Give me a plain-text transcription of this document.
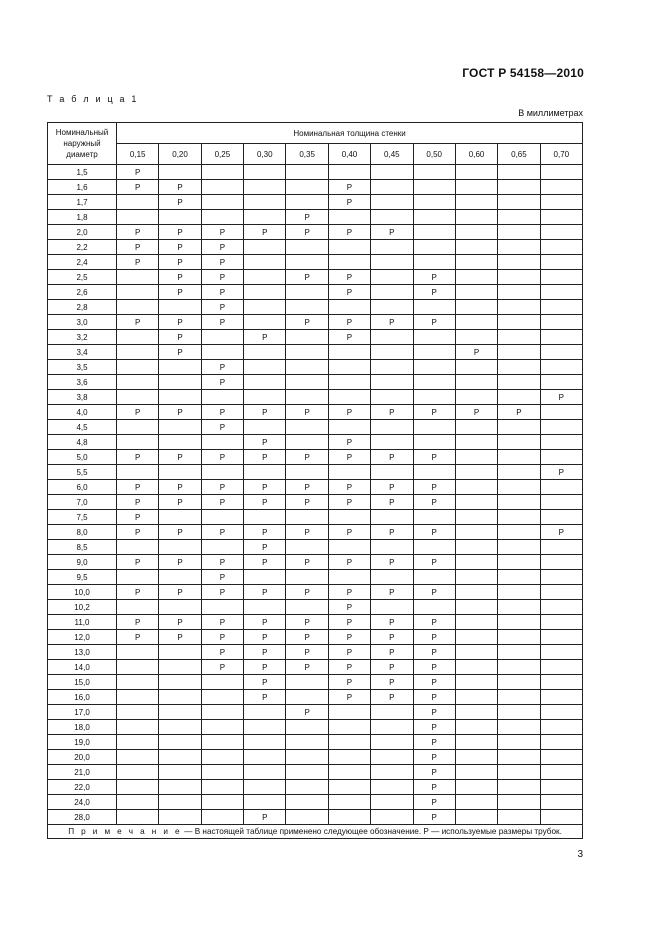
ГОСТ Р 54158—2010
Т а б л и ц а 1
В миллиметрах
Номинальный
наружный
диаметр	Номинальная толщина стенки										
	0,15	0,20	0,25	0,30	0,35	0,40	0,45	0,50	0,60	0,65	0,70
1,5	Р										
1,6	Р	Р				Р					
1,7		Р				Р					
1,8					Р						
2,0	Р	Р	Р	Р	Р	Р	Р				
2,2	Р	Р	Р								
2,4	Р	Р	Р								
2,5		Р	Р		Р	Р		Р			
2,6		Р	Р			Р		Р			
2,8			Р								
3,0	Р	Р	Р		Р	Р	Р	Р			
3,2		Р		Р		Р					
3,4		Р							Р		
3,5			Р								
3,6			Р								
3,8											Р
4,0	Р	Р	Р	Р	Р	Р	Р	Р	Р	Р	
4,5			Р								
4,8				Р		Р					
5,0	Р	Р	Р	Р	Р	Р	Р	Р			
5,5											Р
6,0	Р	Р	Р	Р	Р	Р	Р	Р			
7,0	Р	Р	Р	Р	Р	Р	Р	Р			
7,5	Р										
8,0	Р	Р	Р	Р	Р	Р	Р	Р			Р
8,5				Р							
9,0	Р	Р	Р	Р	Р	Р	Р	Р			
9,5			Р								
10,0	Р	Р	Р	Р	Р	Р	Р	Р			
10,2						Р					
11,0	Р	Р	Р	Р	Р	Р	Р	Р			
12,0	Р	Р	Р	Р	Р	Р	Р	Р			
13,0			Р	Р	Р	Р	Р	Р			
14,0			Р	Р	Р	Р	Р	Р			
15,0				Р		Р	Р	Р			
16,0				Р		Р	Р	Р			
17,0					Р			Р			
18,0								Р			
19,0								Р			
20,0								Р			
21,0								Р			
22,0								Р			
24,0								Р			
28,0				Р				Р			
П р и м е ч а н и е — В настоящей таблице применено следующее обозначение. Р — используемые размеры трубок.											
3
